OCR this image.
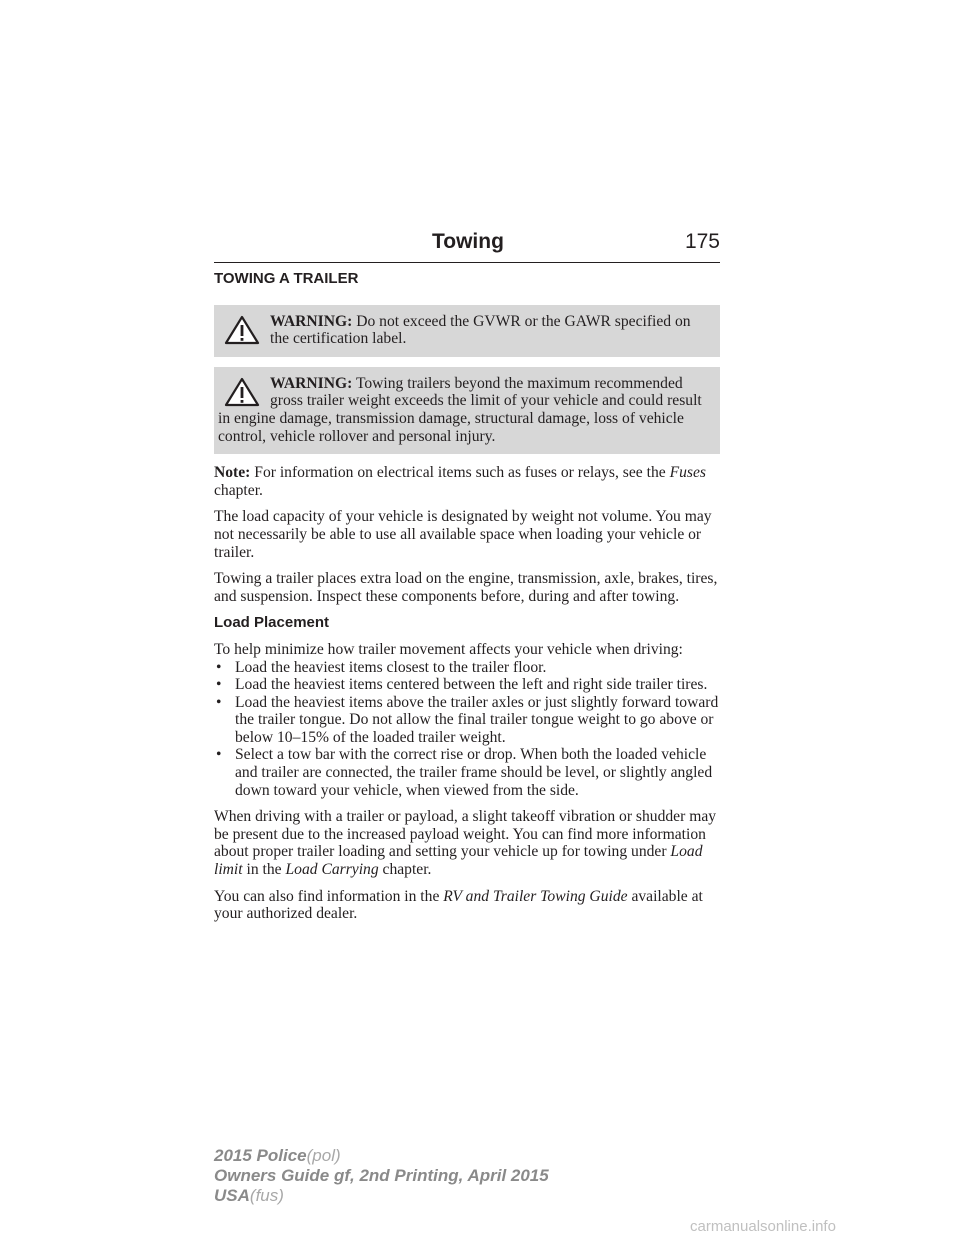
Towing	175
TOWING A TRAILER
WARNING: Do not exceed the GVWR or the GAWR specified on the certification label.
WARNING: Towing trailers beyond the maximum recommended gross trailer weight exceeds the limit of your vehicle and could result in engine damage, transmission damage, structural damage, loss of vehicle control, vehicle rollover and personal injury.

Note: For information on electrical items such as fuses or relays, see the Fuses chapter.

The load capacity of your vehicle is designated by weight not volume. You may not necessarily be able to use all available space when loading your vehicle or trailer.

Towing a trailer places extra load on the engine, transmission, axle, brakes, tires, and suspension. Inspect these components before, during and after towing.

Load Placement

To help minimize how trailer movement affects your vehicle when driving:

• Load the heaviest items closest to the trailer floor.
• Load the heaviest items centered between the left and right side trailer tires.
• Load the heaviest items above the trailer axles or just slightly forward toward the trailer tongue. Do not allow the final trailer tongue weight to go above or below 10–15% of the loaded trailer weight.
• Select a tow bar with the correct rise or drop. When both the loaded vehicle and trailer are connected, the trailer frame should be level, or slightly angled down toward your vehicle, when viewed from the side.

When driving with a trailer or payload, a slight takeoff vibration or shudder may be present due to the increased payload weight. You can find more information about proper trailer loading and setting your vehicle up for towing under Load limit in the Load Carrying chapter.

You can also find information in the RV and Trailer Towing Guide available at your authorized dealer.

2015 Police(pol)
Owners Guide gf, 2nd Printing, April 2015
USA(fus)
carmanualsonline.info
